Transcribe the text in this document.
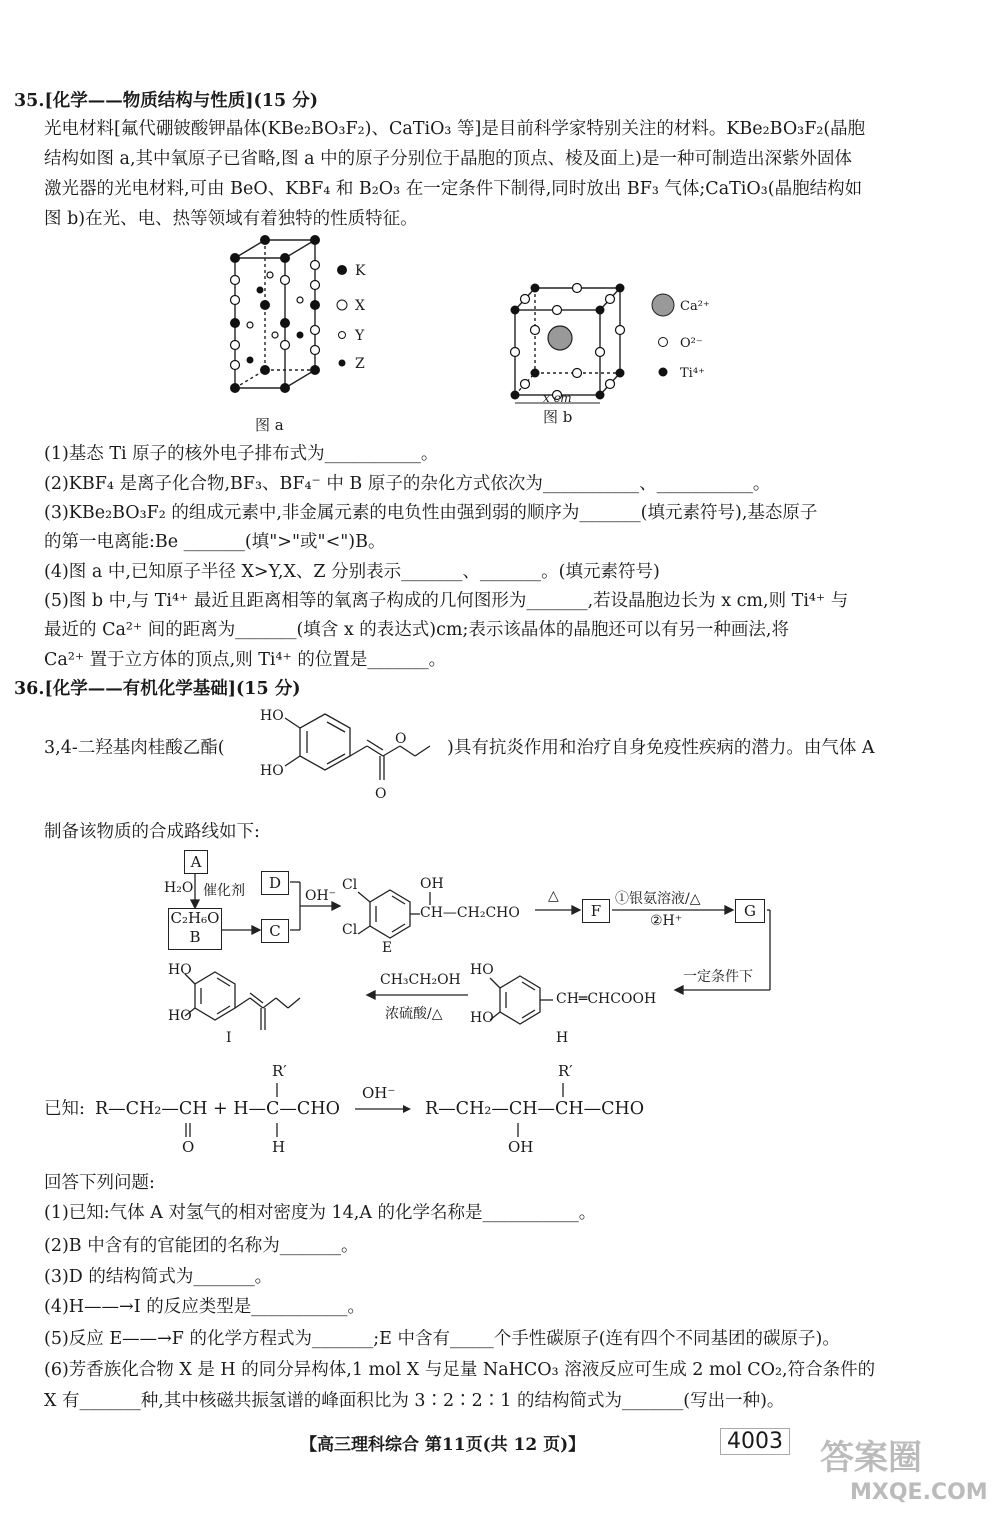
35.[化学——物质结构与性质](15 分)
光电材料[氟代硼铍酸钾晶体(KBe₂BO₃F₂)、CaTiO₃ 等]是目前科学家特别关注的材料。KBe₂BO₃F₂(晶胞
结构如图 a,其中氧原子已省略,图 a 中的原子分别位于晶胞的顶点、棱及面上)是一种可制造出深紫外固体
激光器的光电材料,可由 BeO、KBF₄ 和 B₂O₃ 在一定条件下制得,同时放出 BF₃ 气体;CaTiO₃(晶胞结构如
图 b)在光、电、热等领域有着独特的性质特征。
K
X
Y
Z
图 a
x cm
Ca²⁺
O²⁻
Ti⁴⁺
图 b
(1)基态 Ti 原子的核外电子排布式为___________。
(2)KBF₄ 是离子化合物,BF₃、BF₄⁻ 中 B 原子的杂化方式依次为___________、___________。
(3)KBe₂BO₃F₂ 的组成元素中,非金属元素的电负性由强到弱的顺序为_______(填元素符号),基态原子
的第一电离能:Be _______(填">"或"<")B。
(4)图 a 中,已知原子半径 X>Y,X、Z 分别表示_______、_______。(填元素符号)
(5)图 b 中,与 Ti⁴⁺ 最近且距离相等的氧离子构成的几何图形为_______,若设晶胞边长为 x cm,则 Ti⁴⁺ 与
最近的 Ca²⁺ 间的距离为_______(填含 x 的表达式)cm;表示该晶体的晶胞还可以有另一种画法,将
Ca²⁺ 置于立方体的顶点,则 Ti⁴⁺ 的位置是_______。
36.[化学——有机化学基础](15 分)
3,4-二羟基肉桂酸乙酯(
HO
HO
O
O )具有抗炎作用和治疗自身免疫性疾病的潜力。由气体 A
制备该物质的合成路线如下:
A
H₂O 催化剂
C₂H₆O
B
D
C
OH⁻
Cl
Cl
OH
CH—CH₂CHO
E
△
F
①银氨溶液/△
②H⁺
G
一定条件下
HO
HO
CH═CHCOOH
H
CH₃CH₂OH
浓硫酸/△
HO
HO
I
R′	R′
已知: R—CH₂—CH + H—C—CHO
OH⁻
R—CH₂—CH—CH—CHO
O	H	OH
回答下列问题:
(1)已知:气体 A 对氢气的相对密度为 14,A 的化学名称是___________。
(2)B 中含有的官能团的名称为_______。
(3)D 的结构简式为_______。
(4)H——→I 的反应类型是___________。
(5)反应 E——→F 的化学方程式为_______;E 中含有_____个手性碳原子(连有四个不同基团的碳原子)。
(6)芳香族化合物 X 是 H 的同分异构体,1 mol X 与足量 NaHCO₃ 溶液反应可生成 2 mol CO₂,符合条件的
X 有_______种,其中核磁共振氢谱的峰面积比为 3∶2∶2∶1 的结构简式为_______(写出一种)。
【高三理科综合 第11页(共 12 页)】	4003 答案圈
MXQE.COM
